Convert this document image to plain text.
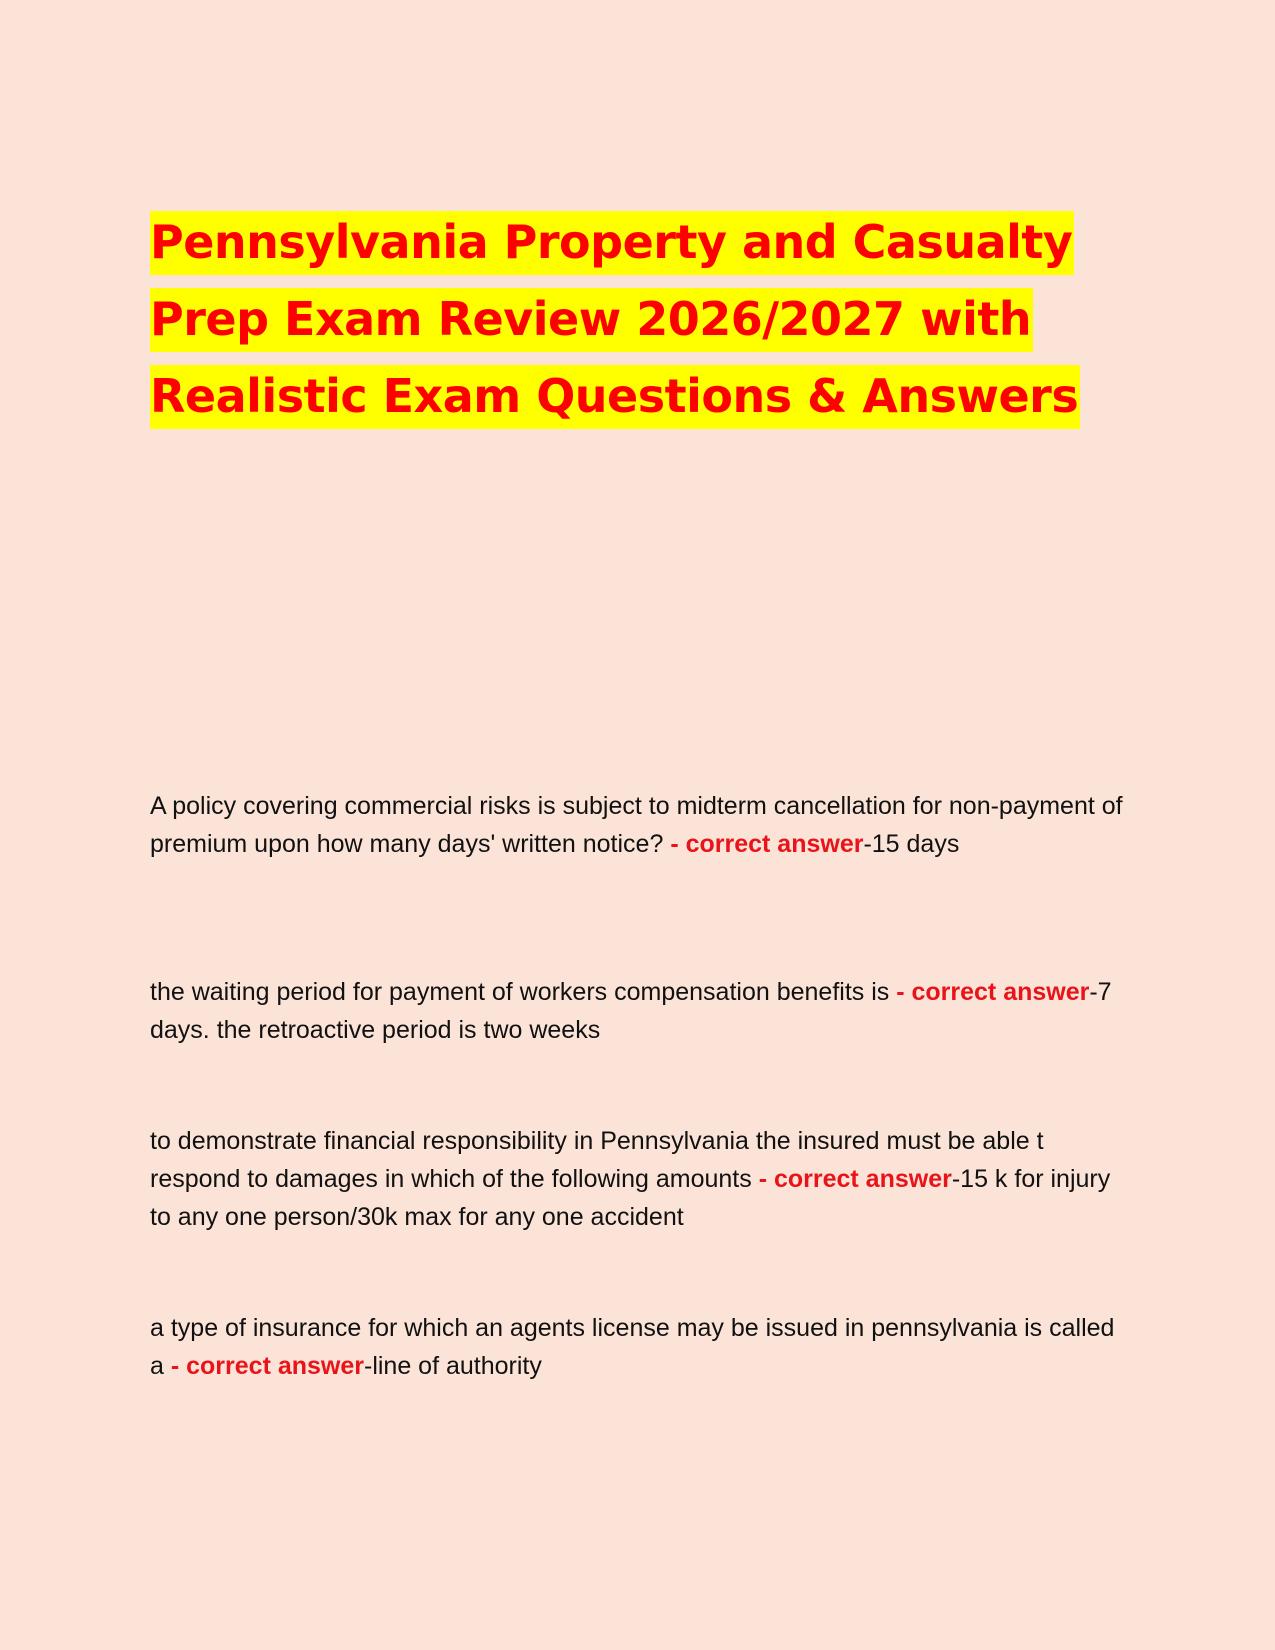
Pennsylvania Property and Casualty
Prep Exam Review 2026/2027 with
Realistic Exam Questions & Answers

A policy covering commercial risks is subject to midterm cancellation for non-payment of premium upon how many days' written notice? - correct answer-15 days

the waiting period for payment of workers compensation benefits is - correct answer-7 days. the retroactive period is two weeks

to demonstrate financial responsibility in Pennsylvania the insured must be able t respond to damages in which of the following amounts - correct answer-15 k for injury to any one person/30k max for any one accident

a type of insurance for which an agents license may be issued in pennsylvania is called a - correct answer-line of authority
